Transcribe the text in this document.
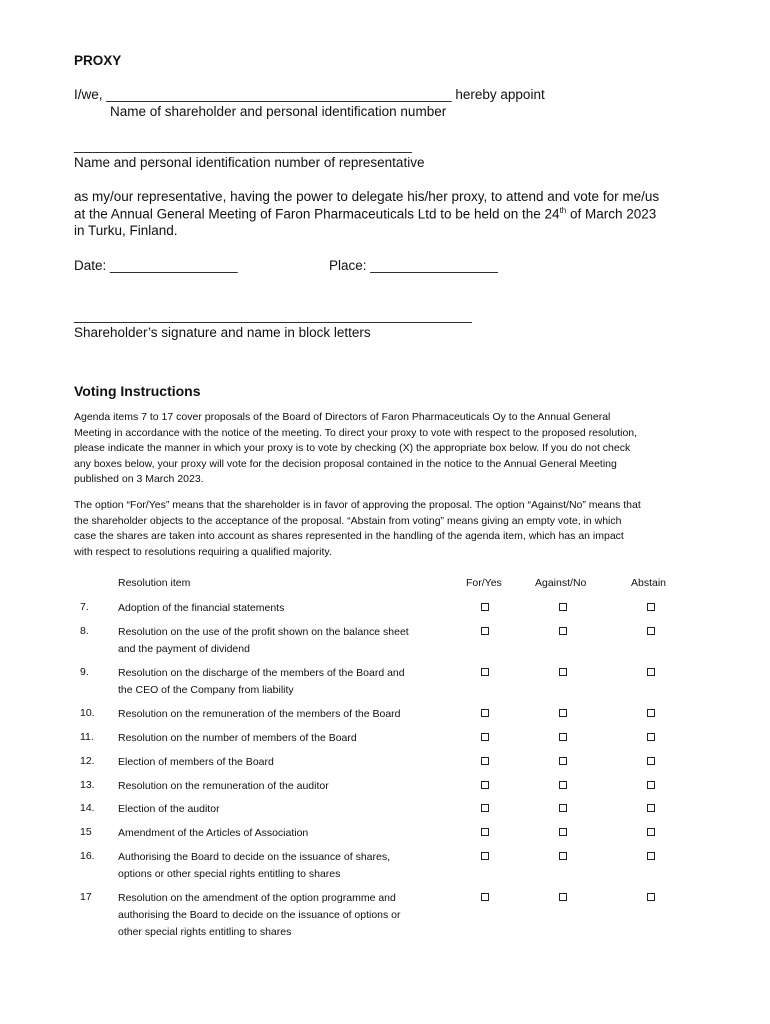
PROXY
I/we, ______________________________________________ hereby appoint
Name of shareholder and personal identification number
_____________________________________________
Name and personal identification number of representative
as my/our representative, having the power to delegate his/her proxy, to attend and vote for me/us
at the Annual General Meeting of Faron Pharmaceuticals Ltd to be held on the 24th of March 2023
in Turku, Finland.
Date: _________________	Place: _________________
_____________________________________________________
Shareholder’s signature and name in block letters
Voting Instructions
Agenda items 7 to 17 cover proposals of the Board of Directors of Faron Pharmaceuticals Oy to the Annual General
Meeting in accordance with the notice of the meeting. To direct your proxy to vote with respect to the proposed resolution,
please indicate the manner in which your proxy is to vote by checking (X) the appropriate box below. If you do not check
any boxes below, your proxy will vote for the decision proposal contained in the notice to the Annual General Meeting
published on 3 March 2023.
The option “For/Yes” means that the shareholder is in favor of approving the proposal. The option “Against/No” means that
the shareholder objects to the acceptance of the proposal. “Abstain from voting” means giving an empty vote, in which
case the shares are taken into account as shares represented in the handling of the agenda item, which has an impact
with respect to resolutions requiring a qualified majority.
Resolution item	For/Yes	Against/No	Abstain
7.	Adoption of the financial statements
8.	Resolution on the use of the profit shown on the balance sheet
and the payment of dividend
9.	Resolution on the discharge of the members of the Board and
the CEO of the Company from liability
10. Resolution on the remuneration of the members of the Board
11. Resolution on the number of members of the Board
12. Election of members of the Board
13. Resolution on the remuneration of the auditor
14. Election of the auditor
15	Amendment of the Articles of Association
16. Authorising the Board to decide on the issuance of shares,
options or other special rights entitling to shares
17	Resolution on the amendment of the option programme and
authorising the Board to decide on the issuance of options or
other special rights entitling to shares
